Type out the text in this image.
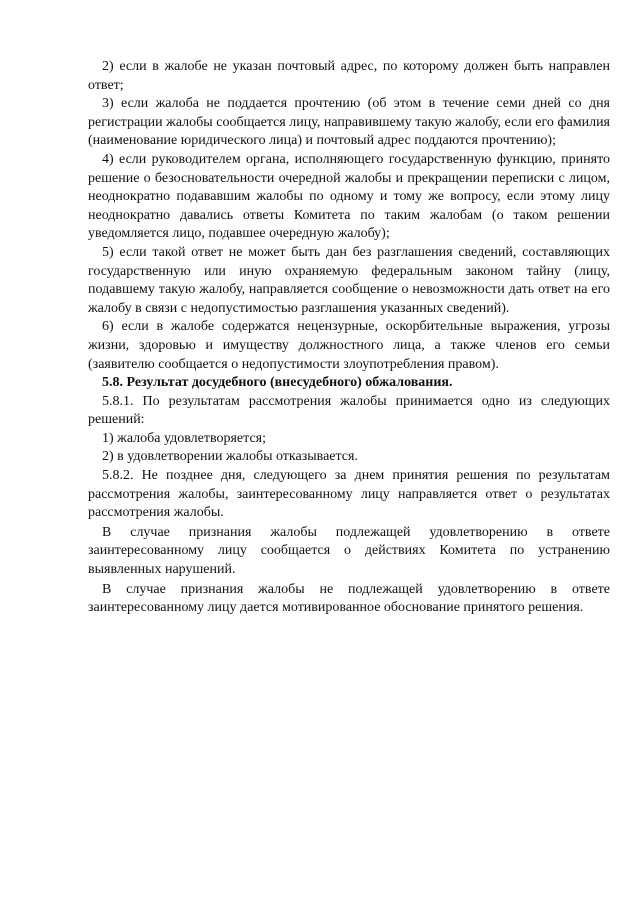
2) если в жалобе не указан почтовый адрес, по которому должен быть направлен ответ;

3) если жалоба не поддается прочтению (об этом в течение семи дней со дня регистрации жалобы сообщается лицу, направившему такую жалобу, если его фамилия (наименование юридического лица) и почтовый адрес поддаются прочтению);

4) если руководителем органа, исполняющего государственную функцию, принято решение о безосновательности очередной жалобы и прекращении переписки с лицом, неоднократно подававшим жалобы по одному и тому же вопросу, если этому лицу неоднократно давались ответы Комитета по таким жалобам (о таком решении уведомляется лицо, подавшее очередную жалобу);

5) если такой ответ не может быть дан без разглашения сведений, составляющих государственную или иную охраняемую федеральным законом тайну (лицу, подавшему такую жалобу, направляется сообщение о невозможности дать ответ на его жалобу в связи с недопустимостью разглашения указанных сведений).

6) если в жалобе содержатся нецензурные, оскорбительные выражения, угрозы жизни, здоровью и имуществу должностного лица, а также членов его семьи (заявителю сообщается о недопустимости злоупотребления правом).

5.8. Результат досудебного (внесудебного) обжалования.

5.8.1. По результатам рассмотрения жалобы принимается одно из следующих решений:

1) жалоба удовлетворяется;

2) в удовлетворении жалобы отказывается.

5.8.2. Не позднее дня, следующего за днем принятия решения по результатам рассмотрения жалобы, заинтересованному лицу направляется ответ о результатах рассмотрения жалобы.

В случае признания жалобы подлежащей удовлетворению в ответе заинтересованному лицу сообщается о действиях Комитета по устранению выявленных нарушений.

В случае признания жалобы не подлежащей удовлетворению в ответе заинтересованному лицу дается мотивированное обоснование принятого решения.
